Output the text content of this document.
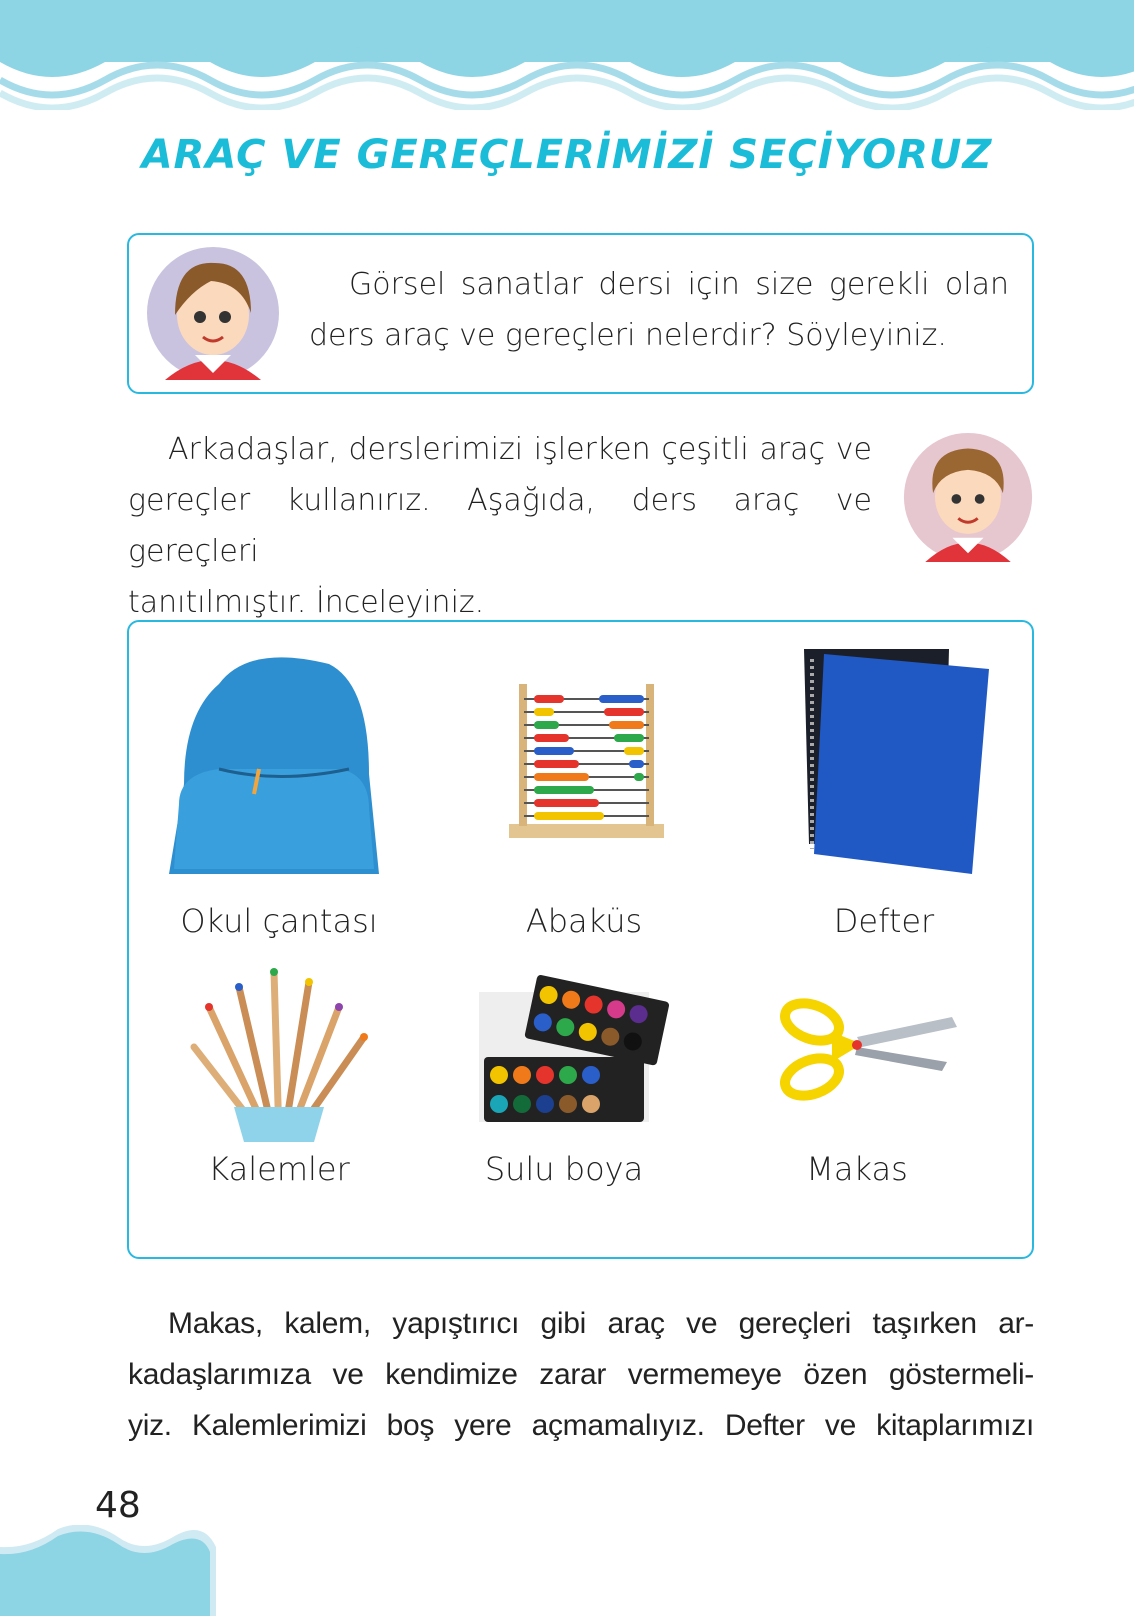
ARAÇ VE GEREÇLERİMİZİ SEÇİYORUZ
Görsel sanatlar dersi için size gerekli olan
ders araç ve gereçleri nelerdir? Söyleyiniz.
Arkadaşlar, derslerimizi işlerken çeşitli araç ve
gereçler kullanırız. Aşağıda, ders araç ve gereçleri
tanıtılmıştır. İnceleyiniz.
Okul çantası	Abaküs	Defter
Kalemler	Sulu boya	Makas
Makas, kalem, yapıştırıcı gibi araç ve gereçleri taşırken ar-
kadaşlarımıza ve kendimize zarar vermemeye özen göstermeli-
yiz. Kalemlerimizi boş yere açmamalıyız. Defter ve kitaplarımızı
48
